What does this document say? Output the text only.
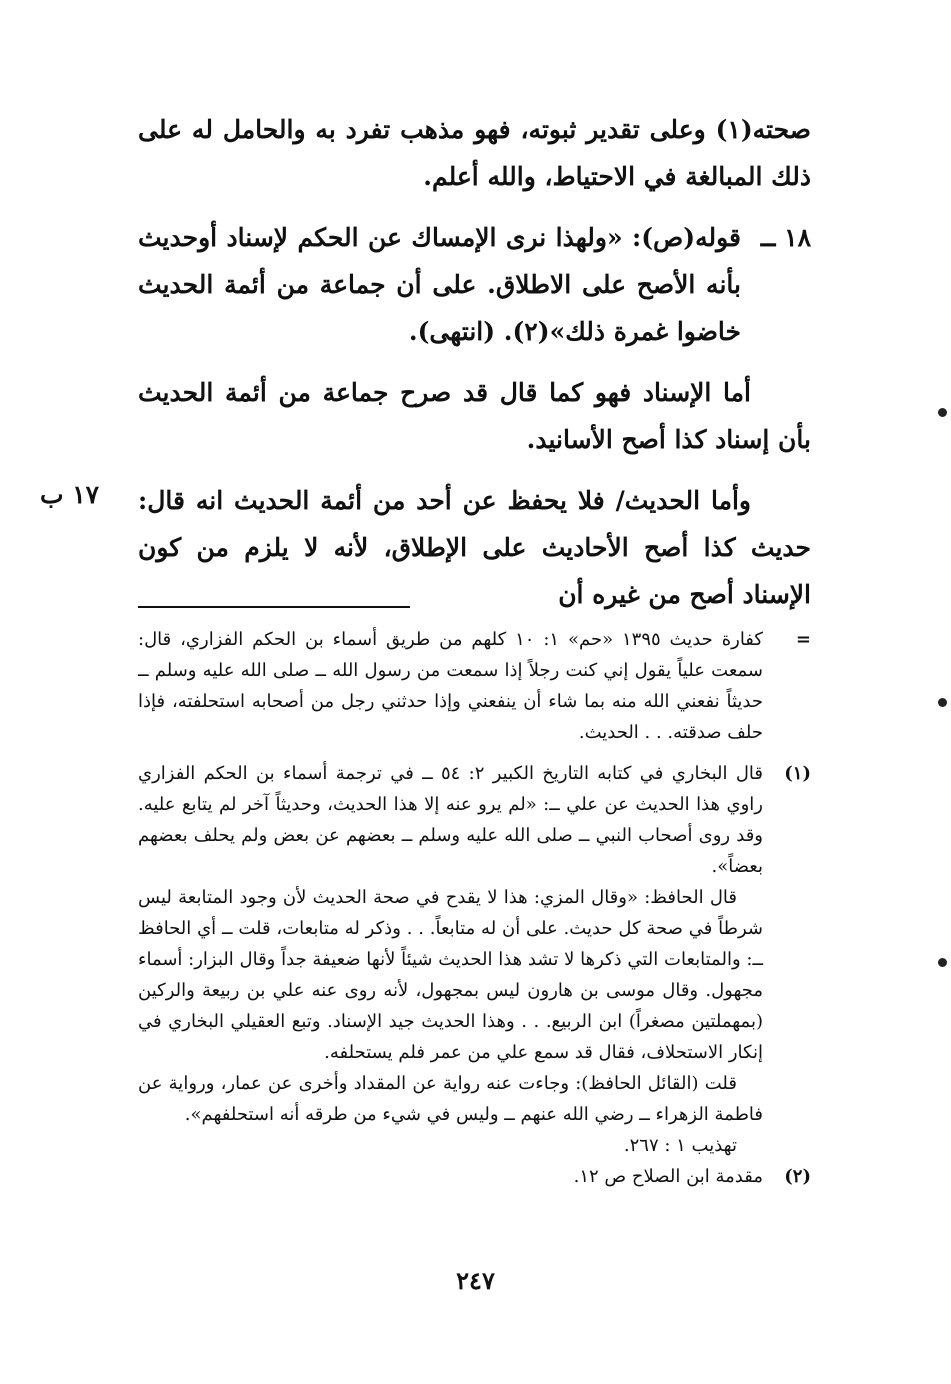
صحته(١) وعلى تقدير ثبوته، فهو مذهب تفرد به والحامل له على ذلك المبالغة في الاحتياط، والله أعلم.

١٨ ــ

قوله(ص): «ولهذا نرى الإمساك عن الحكم لإسناد أوحديث بأنه الأصح على الاطلاق. على أن جماعة من أئمة الحديث خاضوا غمرة ذلك»(٢). (انتهى).

أما الإسناد فهو كما قال قد صرح جماعة من أئمة الحديث بأن إسناد كذا أصح الأسانيد.

وأما الحديث/ فلا يحفظ عن أحد من أئمة الحديث انه قال: حديث كذا أصح الأحاديث على الإطلاق، لأنه لا يلزم من كون الإسناد أصح من غيره أن

١٧ ب
=

كفارة حديث ١٣٩٥ «حم» ١: ١٠ كلهم من طريق أسماء بن الحكم الفزاري، قال: سمعت علياً يقول إني كنت رجلاً إذا سمعت من رسول الله ــ صلى الله عليه وسلم ــ حديثاً نفعني الله منه بما شاء أن ينفعني وإذا حدثني رجل من أصحابه استحلفته، فإذا حلف صدقته. . . الحديث.

(١)

قال البخاري في كتابه التاريخ الكبير ٢: ٥٤ ــ في ترجمة أسماء بن الحكم الفزاري راوي هذا الحديث عن علي ــ: «لم يرو عنه إلا هذا الحديث، وحديثاً آخر لم يتابع عليه. وقد روى أصحاب النبي ــ صلى الله عليه وسلم ــ بعضهم عن بعض ولم يحلف بعضهم بعضاً».

قال الحافظ: «وقال المزي: هذا لا يقدح في صحة الحديث لأن وجود المتابعة ليس شرطاً في صحة كل حديث. على أن له متابعاً. . . وذكر له متابعات، قلت ــ أي الحافظ ــ: والمتابعات التي ذكرها لا تشد هذا الحديث شيئاً لأنها ضعيفة جداً وقال البزار: أسماء مجهول. وقال موسى بن هارون ليس بمجهول، لأنه روى عنه علي بن ربيعة والركين (بمهملتين مصغراً) ابن الربيع. . . وهذا الحديث جيد الإسناد. وتبع العقيلي البخاري في إنكار الاستحلاف، فقال قد سمع علي من عمر فلم يستحلفه.

قلت (القائل الحافظ): وجاءت عنه رواية عن المقداد وأخرى عن عمار، ورواية عن فاطمة الزهراء ــ رضي الله عنهم ــ وليس في شيء من طرقه أنه استحلفهم».

تهذيب ١ : ٢٦٧.

(٢)

مقدمة ابن الصلاح ص ١٢.

٢٤٧
